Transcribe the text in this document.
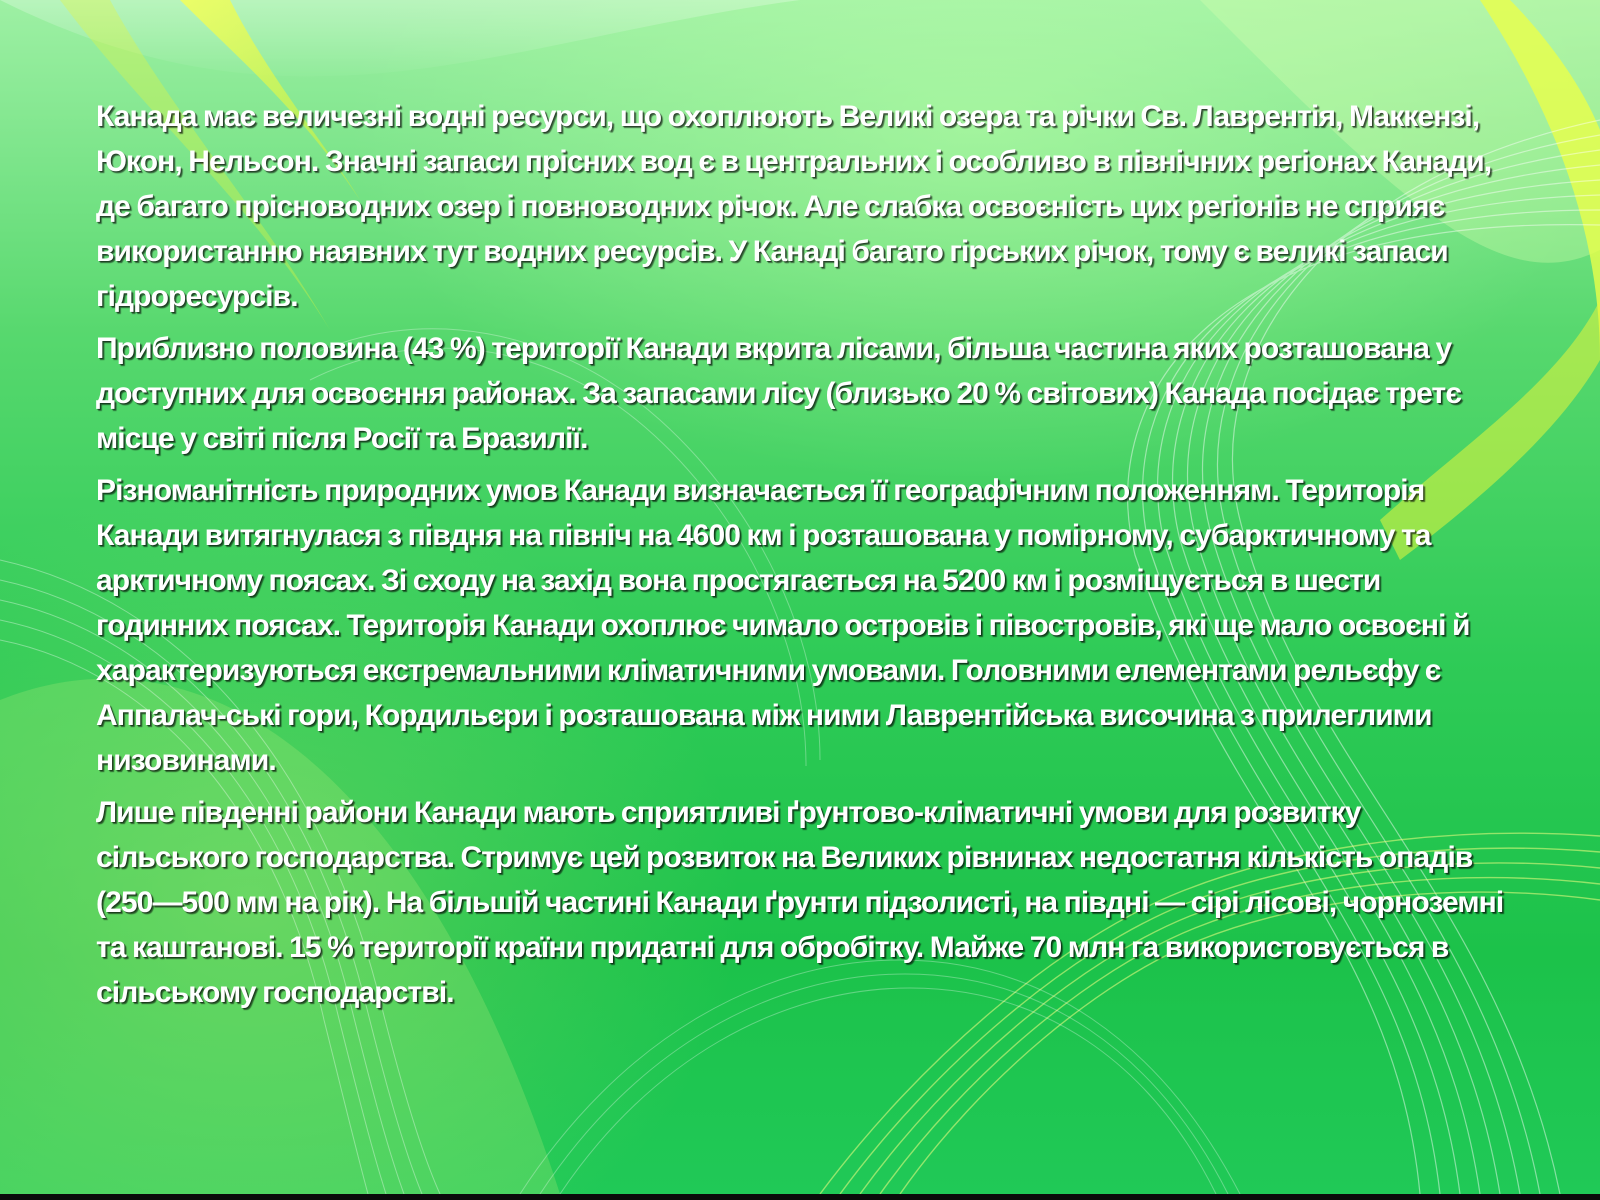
Канада має величезні водні ресурси, що охоплюють Великі озера та річки Св. Лаврентія, Маккензі, Юкон, Нельсон. Значні запаси прісних вод є в центральних і особливо в північних регіонах Канади, де багато прісноводних озер і повноводних річок. Але слабка освоєність цих регіонів не сприяє використанню наявних тут водних ресурсів. У Канаді багато гірських річок, тому є великі запаси гідроресурсів.

Приблизно половина (43 %) території Канади вкрита лісами, більша частина яких розташована у доступних для освоєння районах. За запасами лісу (близько 20 % світових) Канада посідає третє місце у світі після Росії та Бразилії.

Різноманітність природних умов Канади визначається її географічним положенням. Територія Канади витягнулася з півдня на північ на 4600 км і розташована у помірному, субарктичному та арктичному поясах. Зі сходу на захід вона простягається на 5200 км і розміщується в шести годинних поясах. Територія Канади охоплює чимало островів і півостровів, які ще мало освоєні й характеризуються екстремальними кліматичними умовами. Головними елементами рельєфу є Аппалач-ські гори, Кордильєри і розташована між ними Лаврентійська височина з прилеглими низовинами.

Лише південні райони Канади мають сприятливі ґрунтово-кліматичні умови для розвитку сільського господарства. Стримує цей розвиток на Великих рівнинах недостатня кількість опадів (250—500 мм на рік). На більшій частині Канади ґрунти підзолисті, на півдні — сірі лісові, чорноземні та каштанові. 15 % території країни придатні для обробітку. Майже 70 млн га використовується в сільському господарстві.
